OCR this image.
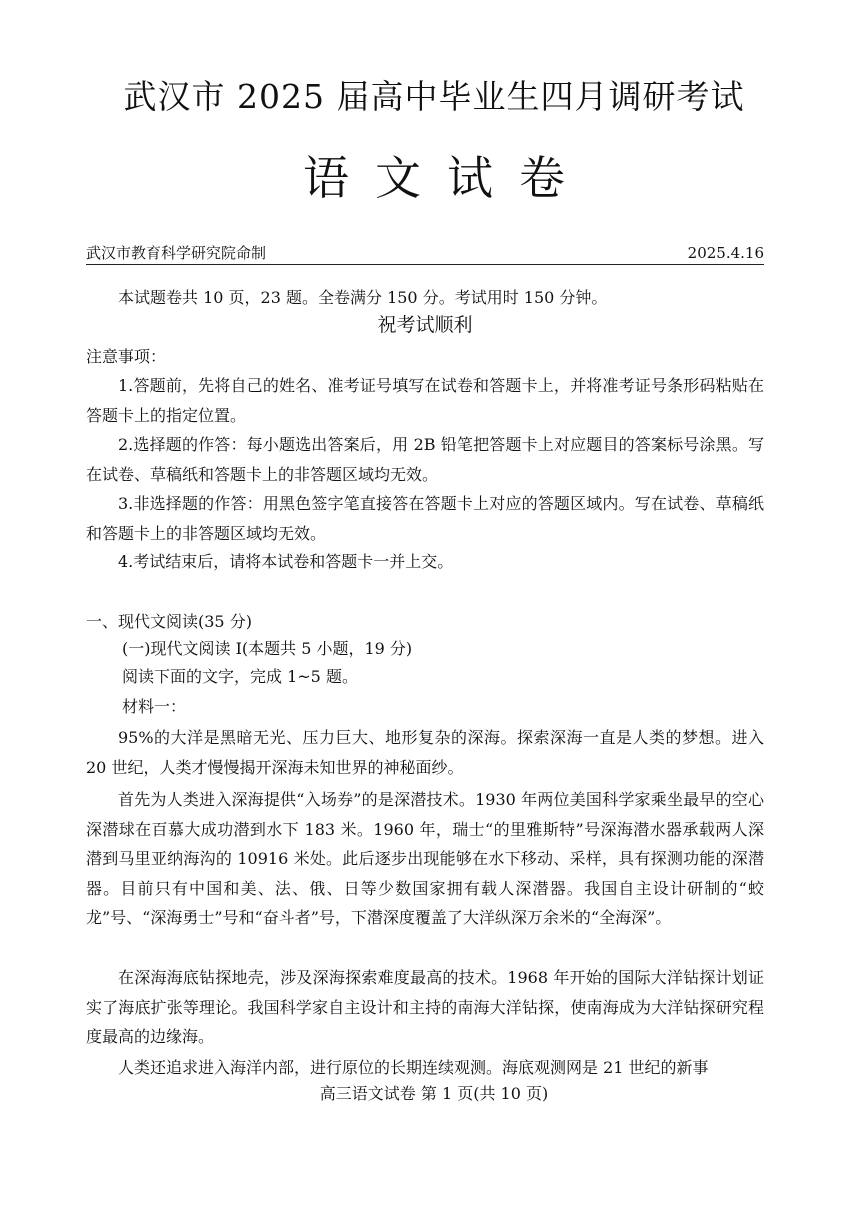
武汉市 2025 届高中毕业生四月调研考试
语文试卷
武汉市教育科学研究院命制	2025.4.16
本试题卷共 10 页，23 题。全卷满分 150 分。考试用时 150 分钟。
祝考试顺利
注意事项：
1.答题前，先将自己的姓名、准考证号填写在试卷和答题卡上，并将准考证号条形码粘贴在答题卡上的指定位置。
2.选择题的作答：每小题选出答案后，用 2B 铅笔把答题卡上对应题目的答案标号涂黑。写在试卷、草稿纸和答题卡上的非答题区域均无效。
3.非选择题的作答：用黑色签字笔直接答在答题卡上对应的答题区域内。写在试卷、草稿纸和答题卡上的非答题区域均无效。
4.考试结束后，请将本试卷和答题卡一并上交。
一、现代文阅读(35 分)
(一)现代文阅读 I(本题共 5 小题，19 分)
阅读下面的文字，完成 1~5 题。
材料一：
95%的大洋是黑暗无光、压力巨大、地形复杂的深海。探索深海一直是人类的梦想。进入 20 世纪，人类才慢慢揭开深海未知世界的神秘面纱。
首先为人类进入深海提供“入场券”的是深潜技术。1930 年两位美国科学家乘坐最早的空心深潜球在百慕大成功潜到水下 183 米。1960 年，瑞士“的里雅斯特”号深海潜水器承载两人深潜到马里亚纳海沟的 10916 米处。此后逐步出现能够在水下移动、采样，具有探测功能的深潜器。目前只有中国和美、法、俄、日等少数国家拥有载人深潜器。我国自主设计研制的“蛟龙”号、“深海勇士”号和“奋斗者”号，下潜深度覆盖了大洋纵深万余米的“全海深”。
在深海海底钻探地壳，涉及深海探索难度最高的技术。1968 年开始的国际大洋钻探计划证实了海底扩张等理论。我国科学家自主设计和主持的南海大洋钻探，使南海成为大洋钻探研究程度最高的边缘海。
人类还追求进入海洋内部，进行原位的长期连续观测。海底观测网是 21 世纪的新事
高三语文试卷 第 1 页(共 10 页)
